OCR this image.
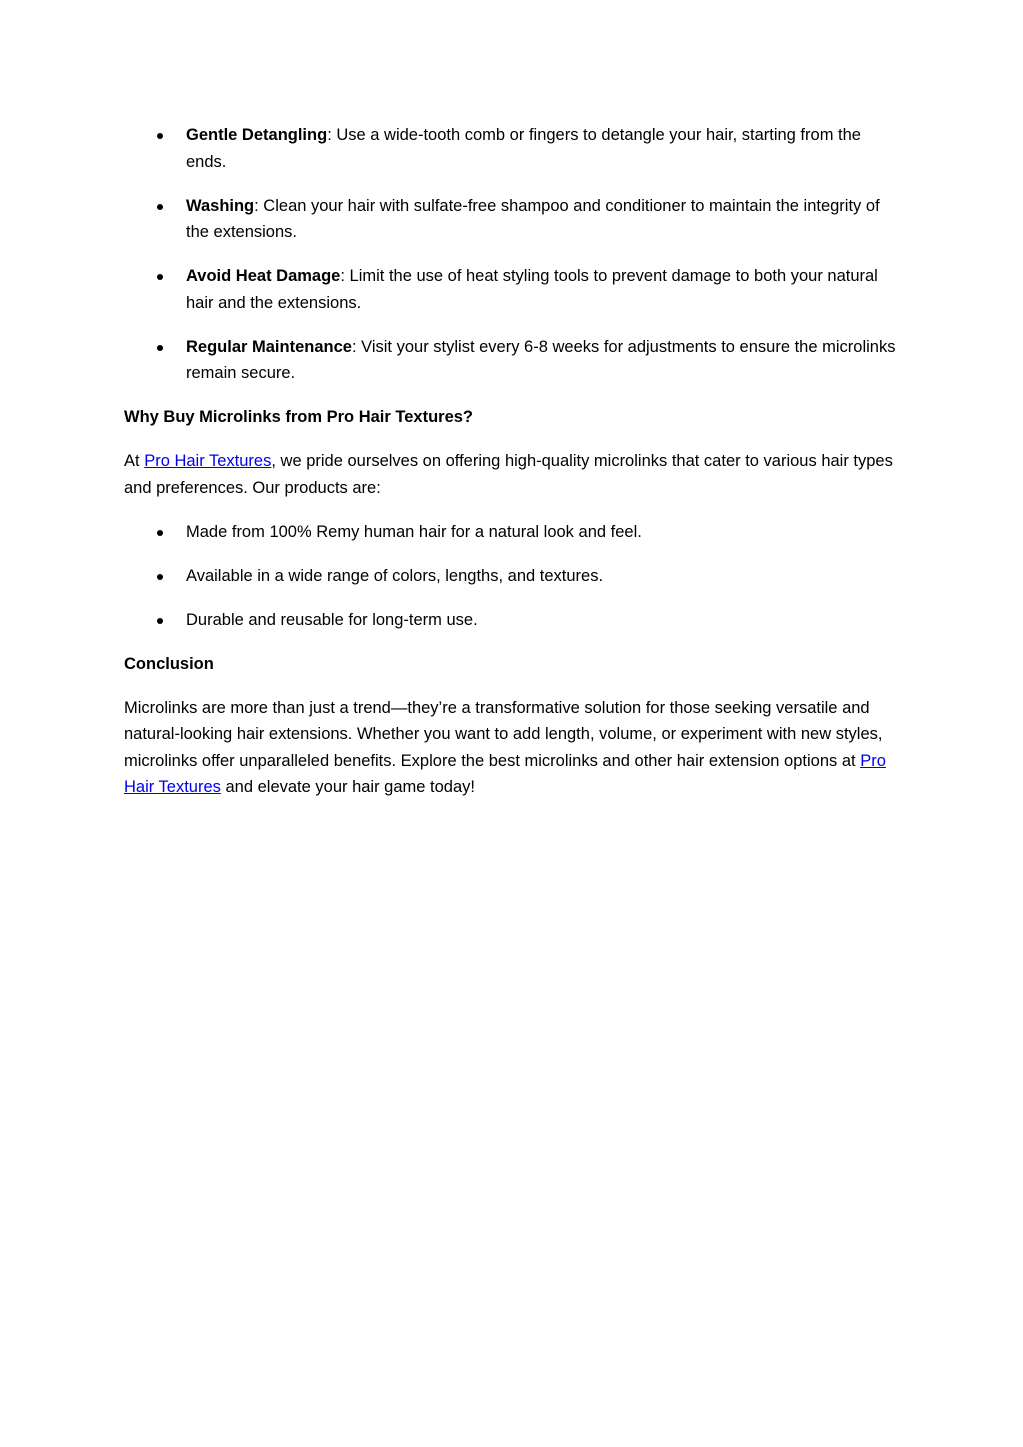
Gentle Detangling: Use a wide-tooth comb or fingers to detangle your hair, starting from the ends.
Washing: Clean your hair with sulfate-free shampoo and conditioner to maintain the integrity of the extensions.
Avoid Heat Damage: Limit the use of heat styling tools to prevent damage to both your natural hair and the extensions.
Regular Maintenance: Visit your stylist every 6-8 weeks for adjustments to ensure the microlinks remain secure.

Why Buy Microlinks from Pro Hair Textures?

At Pro Hair Textures, we pride ourselves on offering high-quality microlinks that cater to various hair types and preferences. Our products are:

Made from 100% Remy human hair for a natural look and feel.
Available in a wide range of colors, lengths, and textures.
Durable and reusable for long-term use.

Conclusion

Microlinks are more than just a trend—they’re a transformative solution for those seeking versatile and natural-looking hair extensions. Whether you want to add length, volume, or experiment with new styles, microlinks offer unparalleled benefits. Explore the best microlinks and other hair extension options at Pro Hair Textures and elevate your hair game today!
